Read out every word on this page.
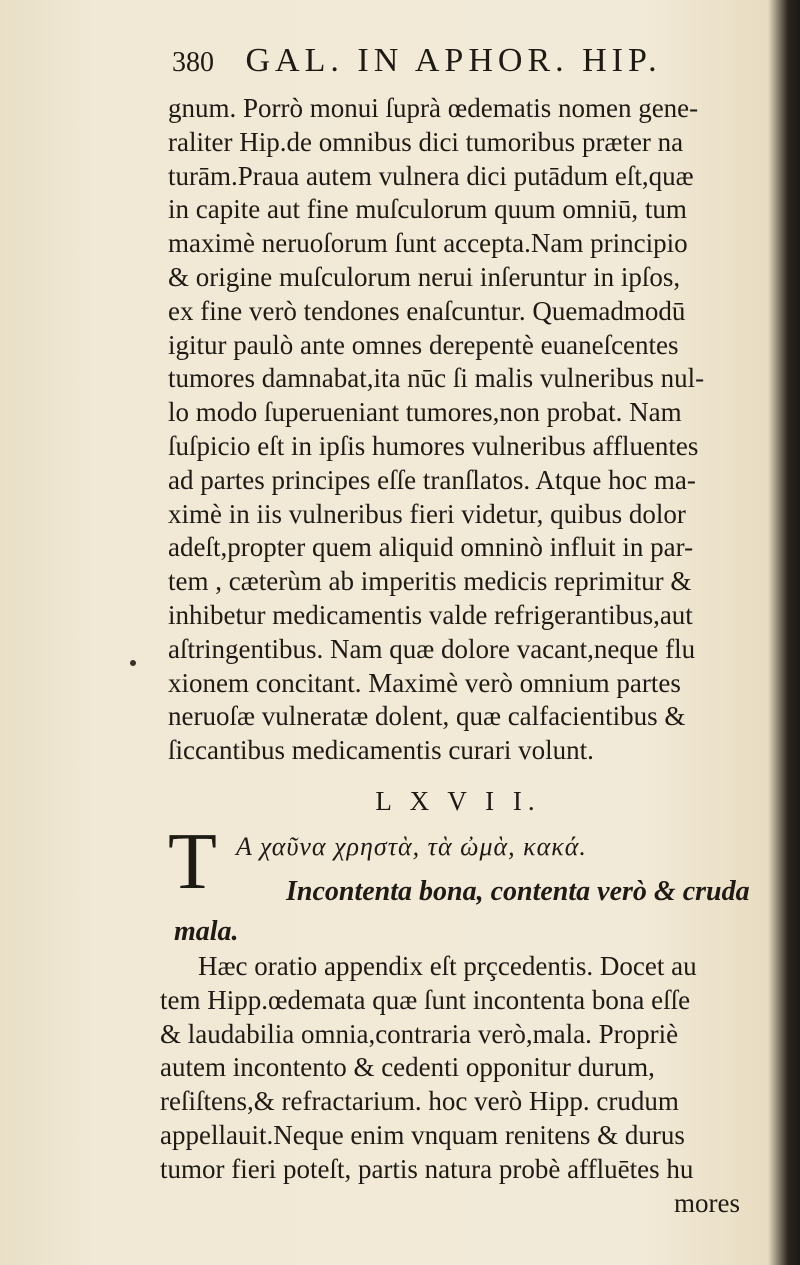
380 GAL. IN APHOR. HIP.
gnum. Porrò monui ſuprà œdematis nomen gene-
raliter Hip.de omnibus dici tumoribus præter na
turām.Praua autem vulnera dici putādum eſt,quæ
in capite aut fine muſculorum quum omniū, tum
maximè neruoſorum ſunt accepta.Nam principio
& origine muſculorum nerui inſeruntur in ipſos,
ex fine verò tendones enaſcuntur. Quemadmodū
igitur paulò ante omnes derepentè euaneſcentes
tumores damnabat,ita nūc ſi malis vulneribus nul-
lo modo ſuperueniant tumores,non probat. Nam
ſuſpicio eſt in ipſis humores vulneribus affluentes
ad partes principes eſſe tranſlatos. Atque hoc ma-
ximè in iis vulneribus fieri videtur, quibus dolor
adeſt,propter quem aliquid omninò influit in par-
tem , cæterùm ab imperitis medicis reprimitur &
inhibetur medicamentis valde refrigerantibus,aut
aſtringentibus. Nam quæ dolore vacant,neque flu
xionem concitant. Maximè verò omnium partes
neruoſæ vulneratæ dolent, quæ calfacientibus &
ſiccantibus medicamentis curari volunt.
L X V I I.
T A χαῦνα χρηστὰ, τὰ ὠμὰ, κακά.
Incontenta bona, contenta verò & cruda
mala.
Hæc oratio appendix eſt prçcedentis. Docet au
tem Hipp.œdemata quæ ſunt incontenta bona eſſe
& laudabilia omnia,contraria verò,mala. Propriè
autem incontento & cedenti opponitur durum,
reſiſtens,& refractarium. hoc verò Hipp. crudum
appellauit.Neque enim vnquam renitens & durus
tumor fieri poteſt, partis natura probè affluētes hu
mores
